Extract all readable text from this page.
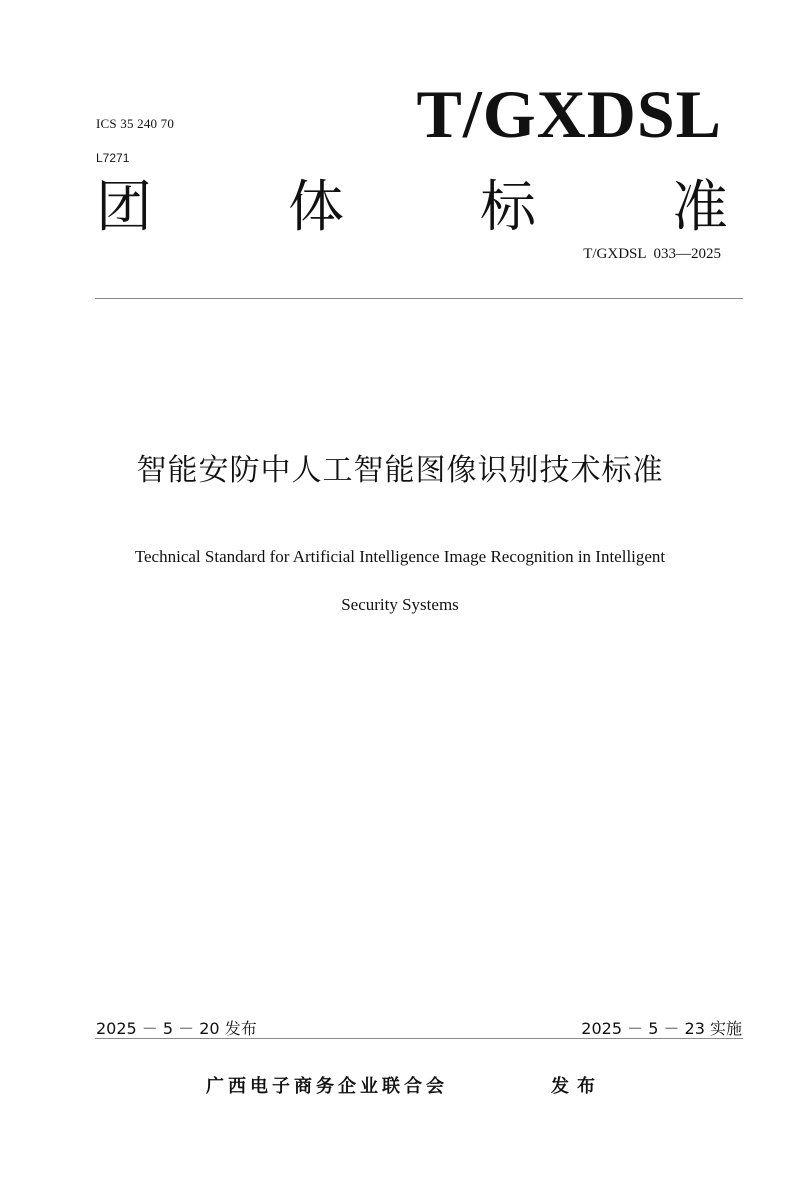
ICS 35 240 70
L7271
T/GXDSL
团 体 标 准
T/GXDSL  033—2025
智能安防中人工智能图像识别技术标准
Technical Standard for Artificial Intelligence Image Recognition in Intelligent
Security Systems
2025 － 5 － 20 发布	2025 － 5 － 23 实施
广西电子商务企业联合会	发布
